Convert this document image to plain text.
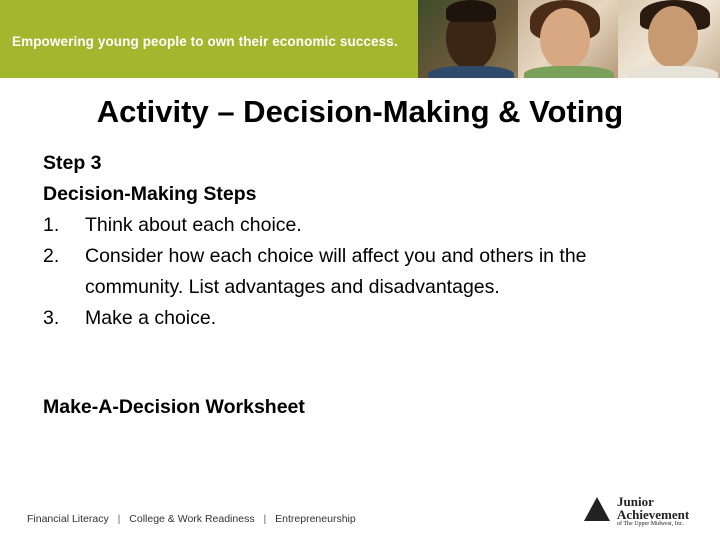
Empowering young people to own their economic success.
Activity – Decision-Making & Voting
Step 3
Decision-Making Steps
1. Think about each choice.
2. Consider how each choice will affect you and others in the community. List advantages and disadvantages.
3. Make a choice.
Make-A-Decision Worksheet
Financial Literacy | College & Work Readiness | Entrepreneurship
Junior
Achievement
of The Upper Midwest, Inc.
